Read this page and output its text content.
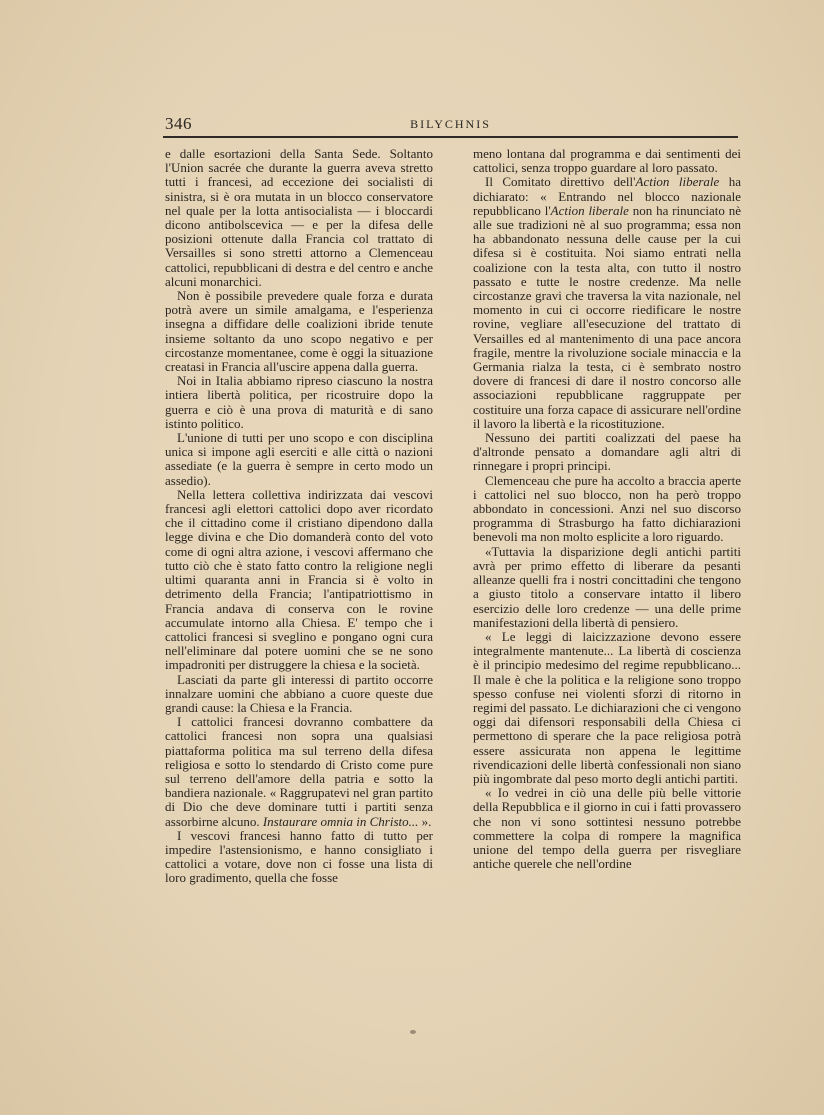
346	BILYCHNIS

e dalle esortazioni della Santa Sede. Soltanto l'Union sacrée che durante la guerra aveva stretto tutti i francesi, ad eccezione dei socialisti di sinistra, si è ora mutata in un blocco conservatore nel quale per la lotta antisocialista — i bloccardi dicono antibolscevica — e per la difesa delle posizioni ottenute dalla Francia col trattato di Versailles si sono stretti attorno a Clemenceau cattolici, repubblicani di destra e del centro e anche alcuni monarchici.

Non è possibile prevedere quale forza e durata potrà avere un simile amalgama, e l'esperienza insegna a diffidare delle coalizioni ibride tenute insieme soltanto da uno scopo negativo e per circostanze momentanee, come è oggi la situazione creatasi in Francia all'uscire appena dalla guerra.

Noi in Italia abbiamo ripreso ciascuno la nostra intiera libertà politica, per ricostruire dopo la guerra e ciò è una prova di maturità e di sano istinto politico.

L'unione di tutti per uno scopo e con disciplina unica si impone agli eserciti e alle città o nazioni assediate (e la guerra è sempre in certo modo un assedio).

Nella lettera collettiva indirizzata dai vescovi francesi agli elettori cattolici dopo aver ricordato che il cittadino come il cristiano dipendono dalla legge divina e che Dio domanderà conto del voto come di ogni altra azione, i vescovi affermano che tutto ciò che è stato fatto contro la religione negli ultimi quaranta anni in Francia si è volto in detrimento della Francia; l'antipatriottismo in Francia andava di conserva con le rovine accumulate intorno alla Chiesa. E' tempo che i cattolici francesi si sveglino e pongano ogni cura nell'eliminare dal potere uomini che se ne sono impadroniti per distruggere la chiesa e la società.

Lasciati da parte gli interessi di partito occorre innalzare uomini che abbiano a cuore queste due grandi cause: la Chiesa e la Francia.

I cattolici francesi dovranno combattere da cattolici francesi non sopra una qualsiasi piattaforma politica ma sul terreno della difesa religiosa e sotto lo stendardo di Cristo come pure sul terreno dell'amore della patria e sotto la bandiera nazionale. « Raggrupatevi nel gran partito di Dio che deve dominare tutti i partiti senza assorbirne alcuno. Instaurare omnia in Christo... ».

I vescovi francesi hanno fatto di tutto per impedire l'astensionismo, e hanno consigliato i cattolici a votare, dove non ci fosse una lista di loro gradimento, quella che fosse

meno lontana dal programma e dai sentimenti dei cattolici, senza troppo guardare al loro passato.

Il Comitato direttivo dell'Action liberale ha dichiarato: « Entrando nel blocco nazionale repubblicano l'Action liberale non ha rinunciato nè alle sue tradizioni nè al suo programma; essa non ha abbandonato nessuna delle cause per la cui difesa si è costituita. Noi siamo entrati nella coalizione con la testa alta, con tutto il nostro passato e tutte le nostre credenze. Ma nelle circostanze gravi che traversa la vita nazionale, nel momento in cui ci occorre riedificare le nostre rovine, vegliare all'esecuzione del trattato di Versailles ed al mantenimento di una pace ancora fragile, mentre la rivoluzione sociale minaccia e la Germania rialza la testa, ci è sembrato nostro dovere di francesi di dare il nostro concorso alle associazioni repubblicane raggruppate per costituire una forza capace di assicurare nell'ordine il lavoro la libertà e la ricostituzione.

Nessuno dei partiti coalizzati del paese ha d'altronde pensato a domandare agli altri di rinnegare i propri principi.

Clemenceau che pure ha accolto a braccia aperte i cattolici nel suo blocco, non ha però troppo abbondato in concessioni. Anzi nel suo discorso programma di Strasburgo ha fatto dichiarazioni benevoli ma non molto esplicite a loro riguardo.

«Tuttavia la disparizione degli antichi partiti avrà per primo effetto di liberare da pesanti alleanze quelli fra i nostri concittadini che tengono a giusto titolo a conservare intatto il libero esercizio delle loro credenze — una delle prime manifestazioni della libertà di pensiero.

« Le leggi di laicizzazione devono essere integralmente mantenute... La libertà di coscienza è il principio medesimo del regime repubblicano... Il male è che la politica e la religione sono troppo spesso confuse nei violenti sforzi di ritorno in regimi del passato. Le dichiarazioni che ci vengono oggi dai difensori responsabili della Chiesa ci permettono di sperare che la pace religiosa potrà essere assicurata non appena le legittime rivendicazioni delle libertà confessionali non siano più ingombrate dal peso morto degli antichi partiti.

« Io vedrei in ciò una delle più belle vittorie della Repubblica e il giorno in cui i fatti provassero che non vi sono sottintesi nessuno potrebbe commettere la colpa di rompere la magnifica unione del tempo della guerra per risvegliare antiche querele che nell'ordine
